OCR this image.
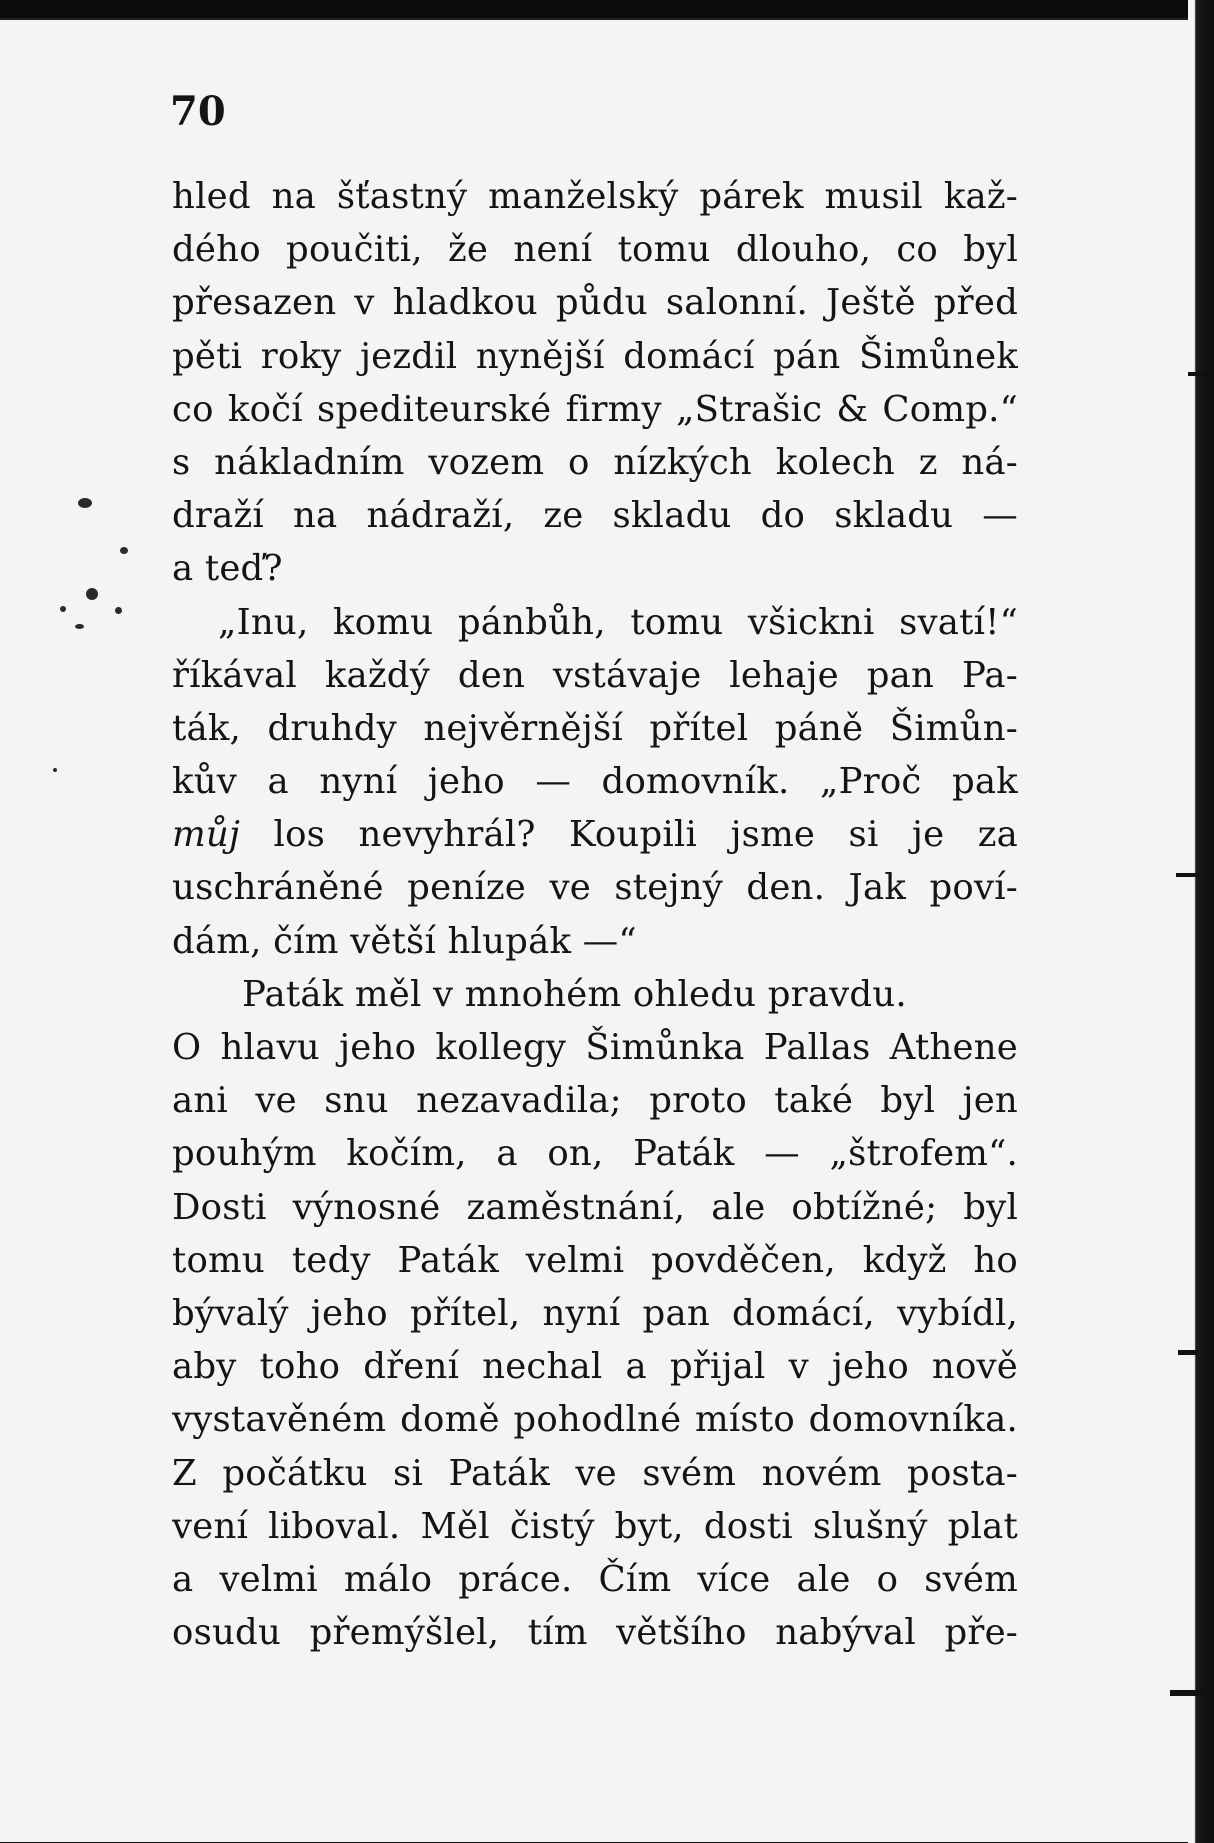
70
hled na šťastný manželský párek musil kaž-
dého poučiti, že není tomu dlouho, co byl
přesazen v hladkou půdu salonní. Ještě před
pěti roky jezdil nynější domácí pán Šimůnek
co kočí spediteurské firmy „Strašic & Comp.“
s nákladním vozem o nízkých kolech z ná-
draží na nádraží, ze skladu do skladu —
a teď?
„Inu, komu pánbůh, tomu všickni svatí!“
říkával každý den vstávaje lehaje pan Pa-
ták, druhdy nejvěrnější přítel páně Šimůn-
kův a nyní jeho — domovník. „Proč pak
můj los nevyhrál? Koupili jsme si je za
uschráněné peníze ve stejný den. Jak poví-
dám, čím větší hlupák —“
Paták měl v mnohém ohledu pravdu.
O hlavu jeho kollegy Šimůnka Pallas Athene
ani ve snu nezavadila; proto také byl jen
pouhým kočím, a on, Paták — „štrofem“.
Dosti výnosné zaměstnání, ale obtížné; byl
tomu tedy Paták velmi povděčen, když ho
bývalý jeho přítel, nyní pan domácí, vybídl,
aby toho dření nechal a přijal v jeho nově
vystavěném domě pohodlné místo domovníka.
Z počátku si Paták ve svém novém posta-
vení liboval. Měl čistý byt, dosti slušný plat
a velmi málo práce. Čím více ale o svém
osudu přemýšlel, tím většího nabýval pře-
